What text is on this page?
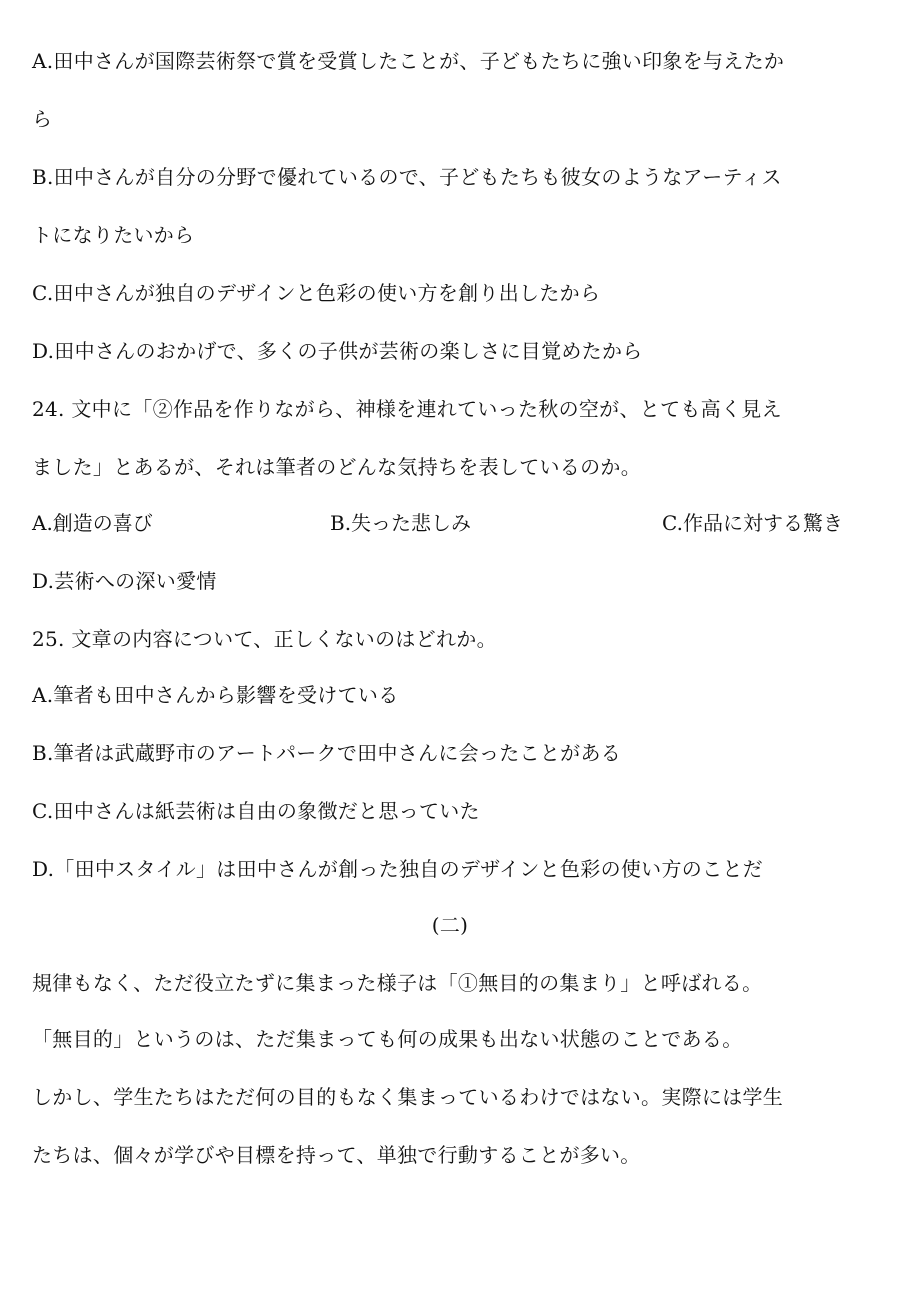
A.田中さんが国際芸術祭で賞を受賞したことが、子どもたちに強い印象を与えたか
ら
B.田中さんが自分の分野で優れているので、子どもたちも彼女のようなアーティス
トになりたいから
C.田中さんが独自のデザインと色彩の使い方を創り出したから
D.田中さんのおかげで、多くの子供が芸術の楽しさに目覚めたから
24. 文中に「②作品を作りながら、神様を連れていった秋の空が、とても高く見え
ました」とあるが、それは筆者のどんな気持ちを表しているのか。
A.創造の喜び	B.失った悲しみ	C.作品に対する驚き
D.芸術への深い愛情
25. 文章の内容について、正しくないのはどれか。
A.筆者も田中さんから影響を受けている
B.筆者は武蔵野市のアートパークで田中さんに会ったことがある
C.田中さんは紙芸術は自由の象徴だと思っていた
D.「田中スタイル」は田中さんが創った独自のデザインと色彩の使い方のことだ
(二)
規律もなく、ただ役立たずに集まった様子は「①無目的の集まり」と呼ばれる。
「無目的」というのは、ただ集まっても何の成果も出ない状態のことである。
しかし、学生たちはただ何の目的もなく集まっているわけではない。実際には学生
たちは、個々が学びや目標を持って、単独で行動することが多い。
